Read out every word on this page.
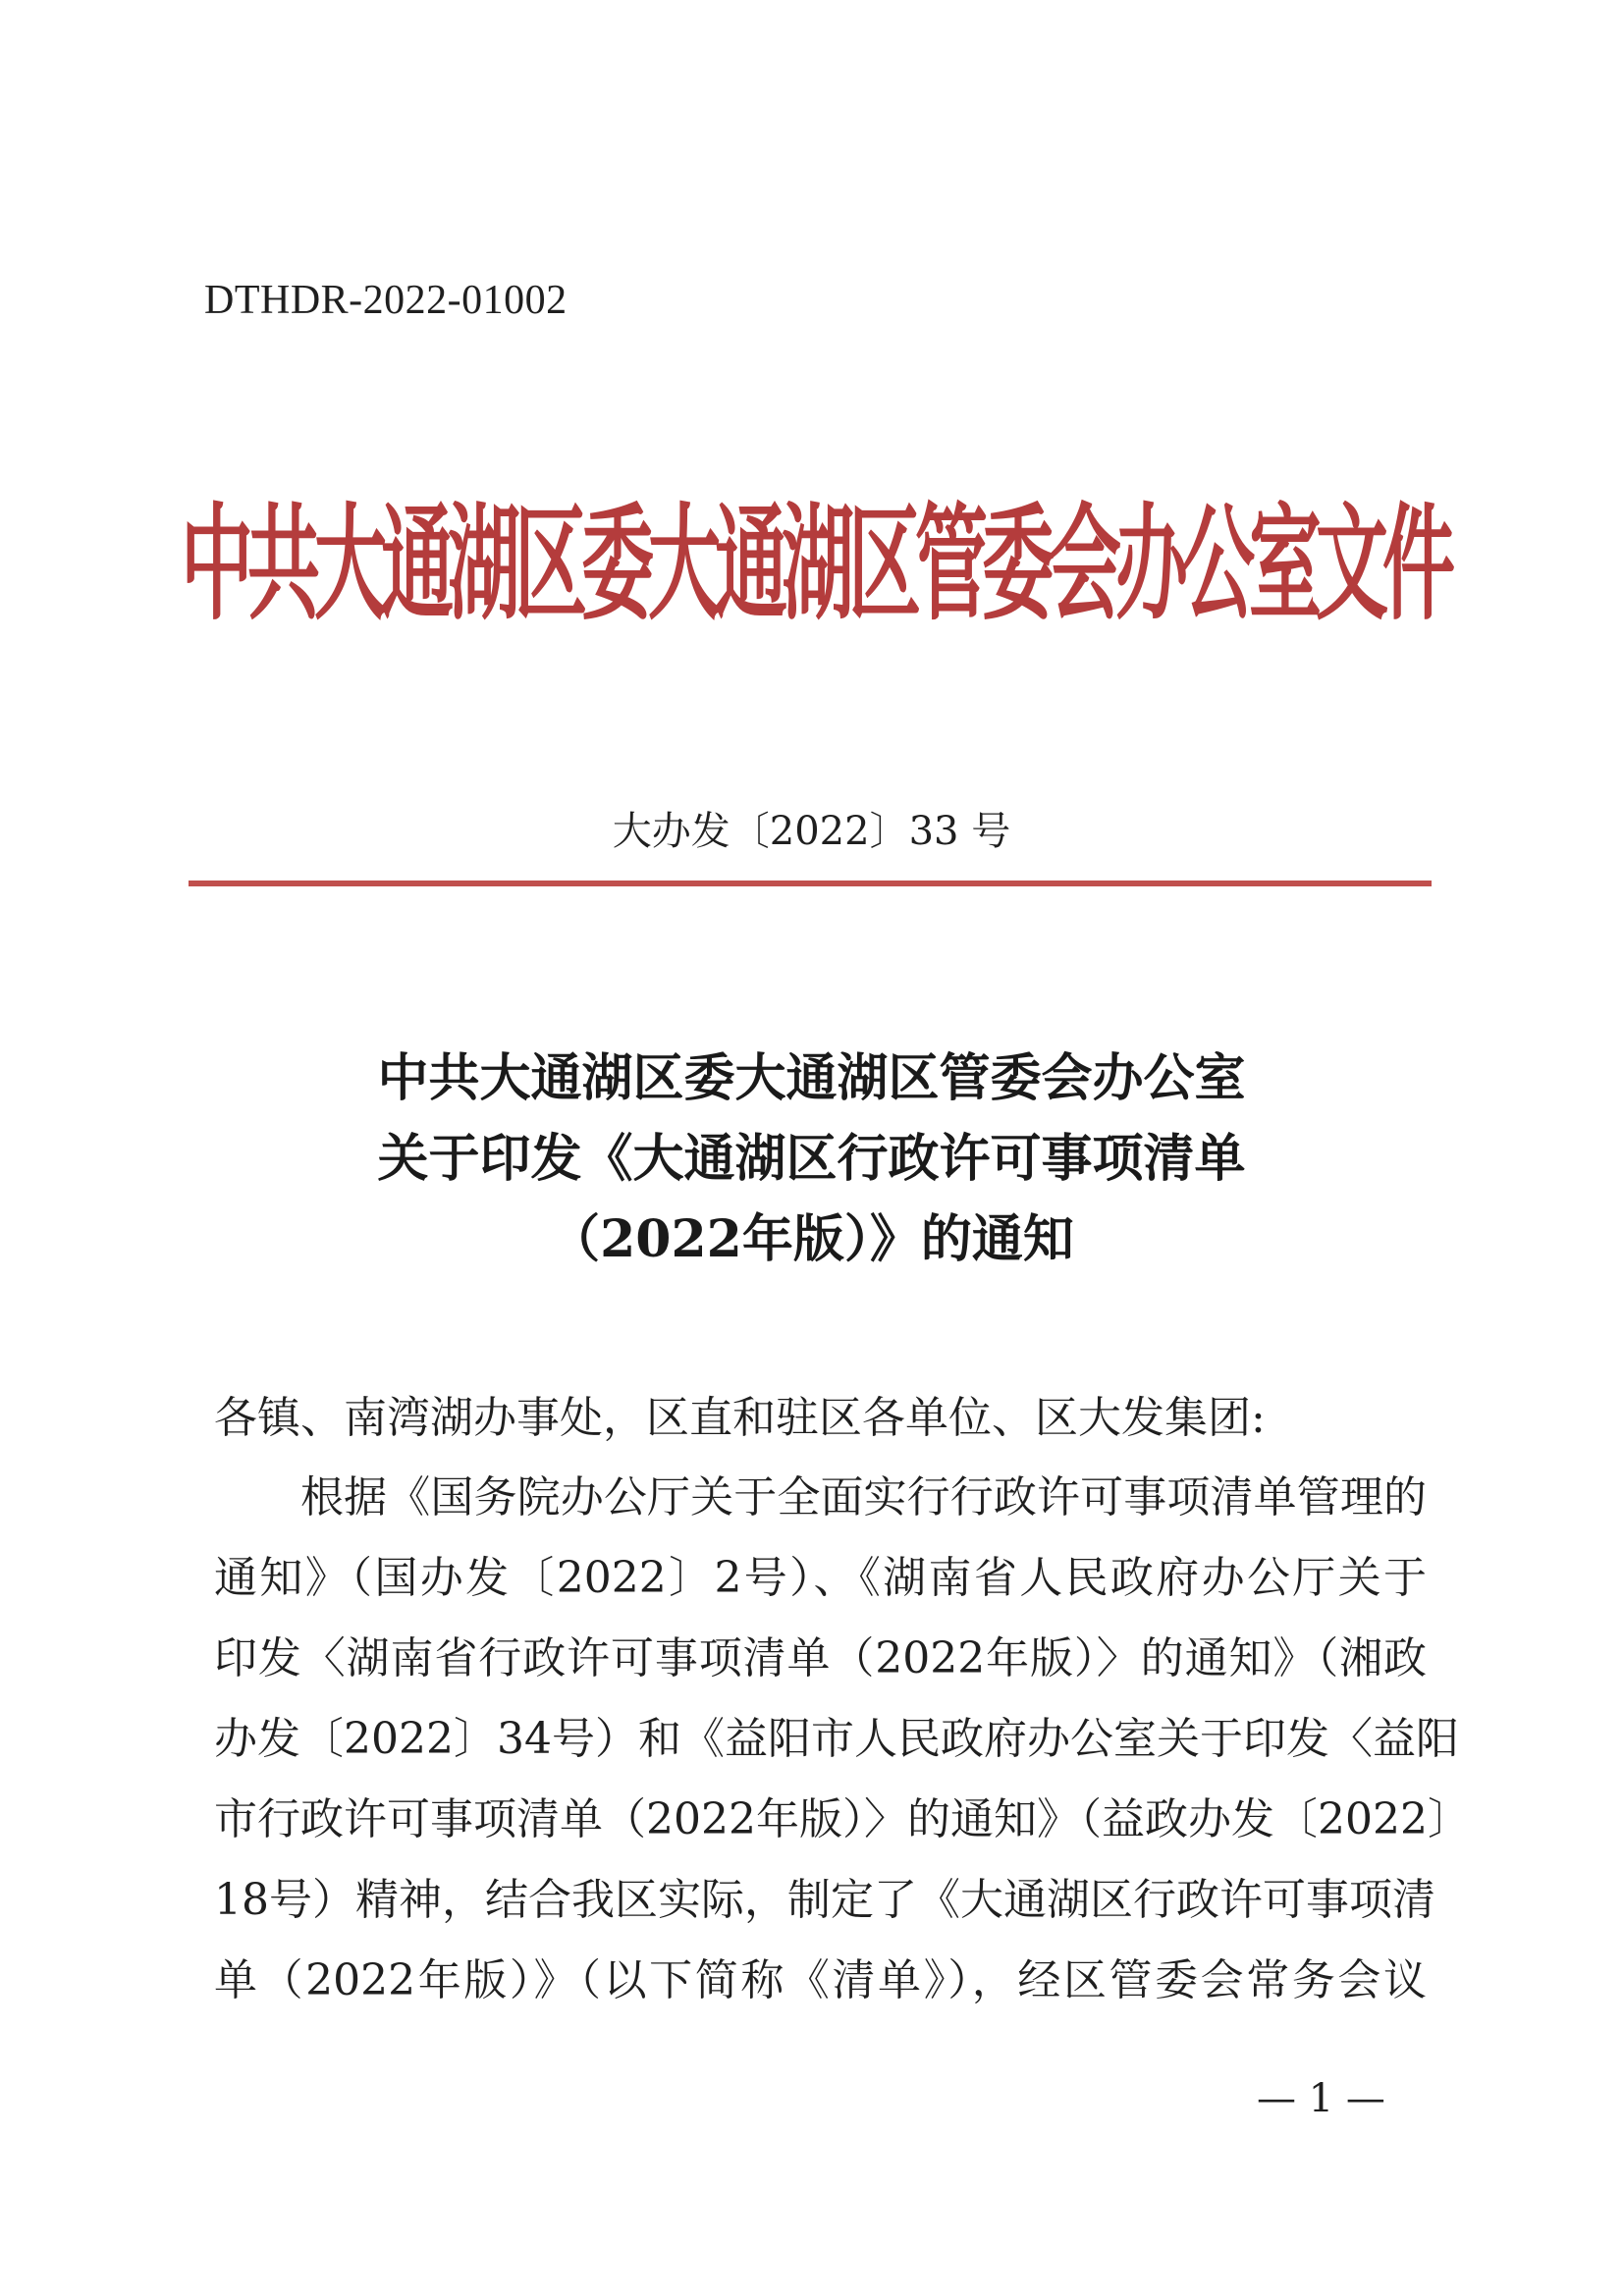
DTHDR-2022-01002
中共大通湖区委大通湖区管委会办公室文件
大办发〔2022〕33 号
中共大通湖区委大通湖区管委会办公室
关于印发《大通湖区行政许可事项清单
（2022年版）》的通知
各镇、南湾湖办事处，区直和驻区各单位、区大发集团:
根据《国务院办公厅关于全面实行行政许可事项清单管理的
通知》（国办发〔2022〕2号）、《湖南省人民政府办公厅关于
印发〈湖南省行政许可事项清单（2022年版）〉的通知》（湘政
办发〔2022〕34号）和《益阳市人民政府办公室关于印发〈益阳
市行政许可事项清单（2022年版）〉的通知》（益政办发〔2022〕
18号）精神，结合我区实际，制定了《大通湖区行政许可事项清
单（2022年版）》（以下简称《清单》），经区管委会常务会议
— 1 —
